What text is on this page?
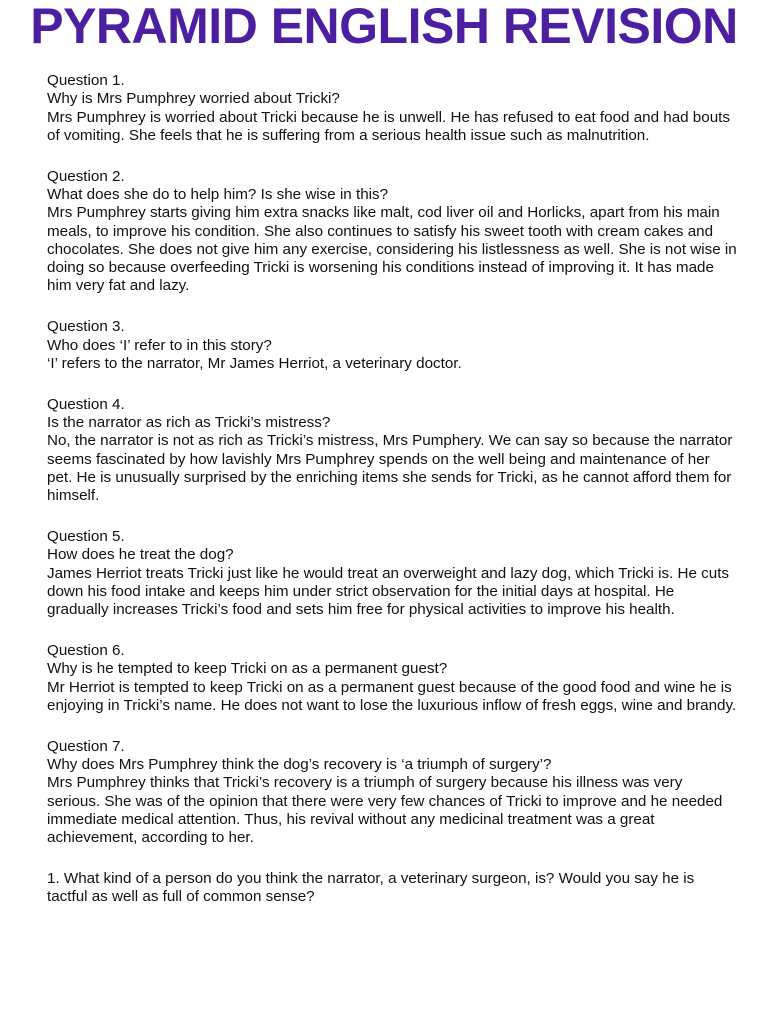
PYRAMID ENGLISH REVISION

Question 1.

Why is Mrs Pumphrey worried about Tricki?

Mrs Pumphrey is worried about Tricki because he is unwell. He has refused to eat food and had bouts of vomiting. She feels that he is suffering from a serious health issue such as malnutrition.

Question 2.

What does she do to help him? Is she wise in this?

Mrs Pumphrey starts giving him extra snacks like malt, cod liver oil and Horlicks, apart from his main meals, to improve his condition. She also continues to satisfy his sweet tooth with cream cakes and chocolates. She does not give him any exercise, considering his listlessness as well. She is not wise in doing so because overfeeding Tricki is worsening his conditions instead of improving it. It has made him very fat and lazy.

Question 3.

Who does ‘I’ refer to in this story?

‘I’ refers to the narrator, Mr James Herriot, a veterinary doctor.

Question 4.

Is the narrator as rich as Tricki’s mistress?

No, the narrator is not as rich as Tricki’s mistress, Mrs Pumphery. We can say so because the narrator seems fascinated by how lavishly Mrs Pumphrey spends on the well being and maintenance of her pet. He is unusually surprised by the enriching items she sends for Tricki, as he cannot afford them for himself.

Question 5.

How does he treat the dog?

James Herriot treats Tricki just like he would treat an overweight and lazy dog, which Tricki is. He cuts down his food intake and keeps him under strict observation for the initial days at hospital. He gradually increases Tricki’s food and sets him free for physical activities to improve his health.

Question 6.

Why is he tempted to keep Tricki on as a permanent guest?

Mr Herriot is tempted to keep Tricki on as a permanent guest because of the good food and wine he is enjoying in Tricki’s name. He does not want to lose the luxurious inflow of fresh eggs, wine and brandy.

Question 7.

Why does Mrs Pumphrey think the dog’s recovery is ‘a triumph of surgery’?

Mrs Pumphrey thinks that Tricki’s recovery is a triumph of surgery because his illness was very serious. She was of the opinion that there were very few chances of Tricki to improve and he needed immediate medical attention. Thus, his revival without any medicinal treatment was a great achievement, according to her.

1. What kind of a person do you think the narrator, a veterinary surgeon, is? Would you say he is tactful as well as full of common sense?
